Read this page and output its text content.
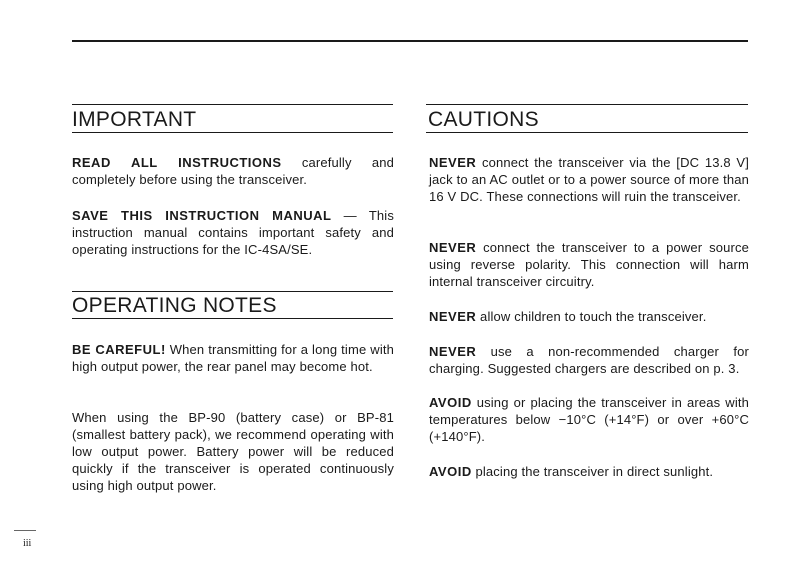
IMPORTANT

READ ALL INSTRUCTIONS carefully and completely before using the transceiver.

SAVE THIS INSTRUCTION MANUAL — This instruction manual contains important safety and operating instructions for the IC-4SA/SE.

OPERATING NOTES

BE CAREFUL! When transmitting for a long time with high output power, the rear panel may become hot.

When using the BP-90 (battery case) or BP-81 (smallest battery pack), we recommend operating with low output power. Battery power will be reduced quickly if the transceiver is operated continuously using high output power.

CAUTIONS

NEVER connect the transceiver via the [DC 13.8 V] jack to an AC outlet or to a power source of more than 16 V DC. These connections will ruin the transceiver.

NEVER connect the transceiver to a power source using reverse polarity. This connection will harm internal transceiver circuitry.

NEVER allow children to touch the transceiver.

NEVER use a non-recommended charger for charging. Suggested chargers are described on p. 3.

AVOID using or placing the transceiver in areas with temperatures below −10°C (+14°F) or over +60°C (+140°F).

AVOID placing the transceiver in direct sunlight.

iii
